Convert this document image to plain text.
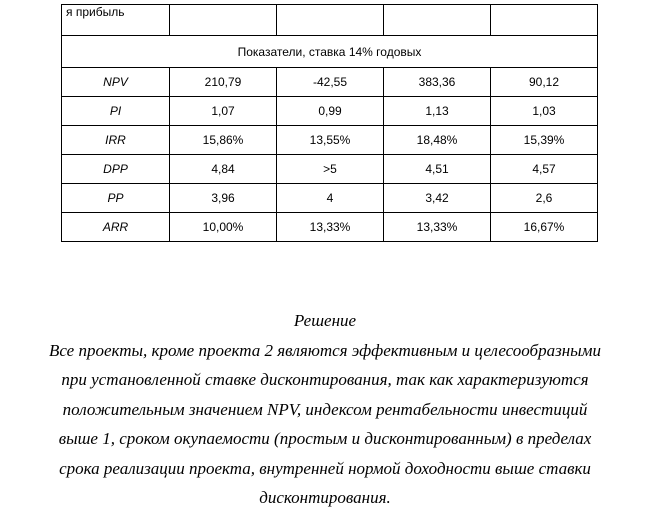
я прибыль				
Показатели, ставка 14% годовых				
NPV	210,79	-42,55	383,36	90,12
PI	1,07	0,99	1,13	1,03
IRR	15,86%	13,55%	18,48%	15,39%
DPP	4,84	>5	4,51	4,57
PP	3,96	4	3,42	2,6
ARR	10,00%	13,33%	13,33%	16,67%
Решение
Все проекты, кроме проекта 2 являются эффективным и целесообразными
при установленной ставке дисконтирования, так как характеризуются
положительным значением NPV, индексом рентабельности инвестиций
выше 1, сроком окупаемости (простым и дисконтированным) в пределах
срока реализации проекта, внутренней нормой доходности выше ставки
дисконтирования.
